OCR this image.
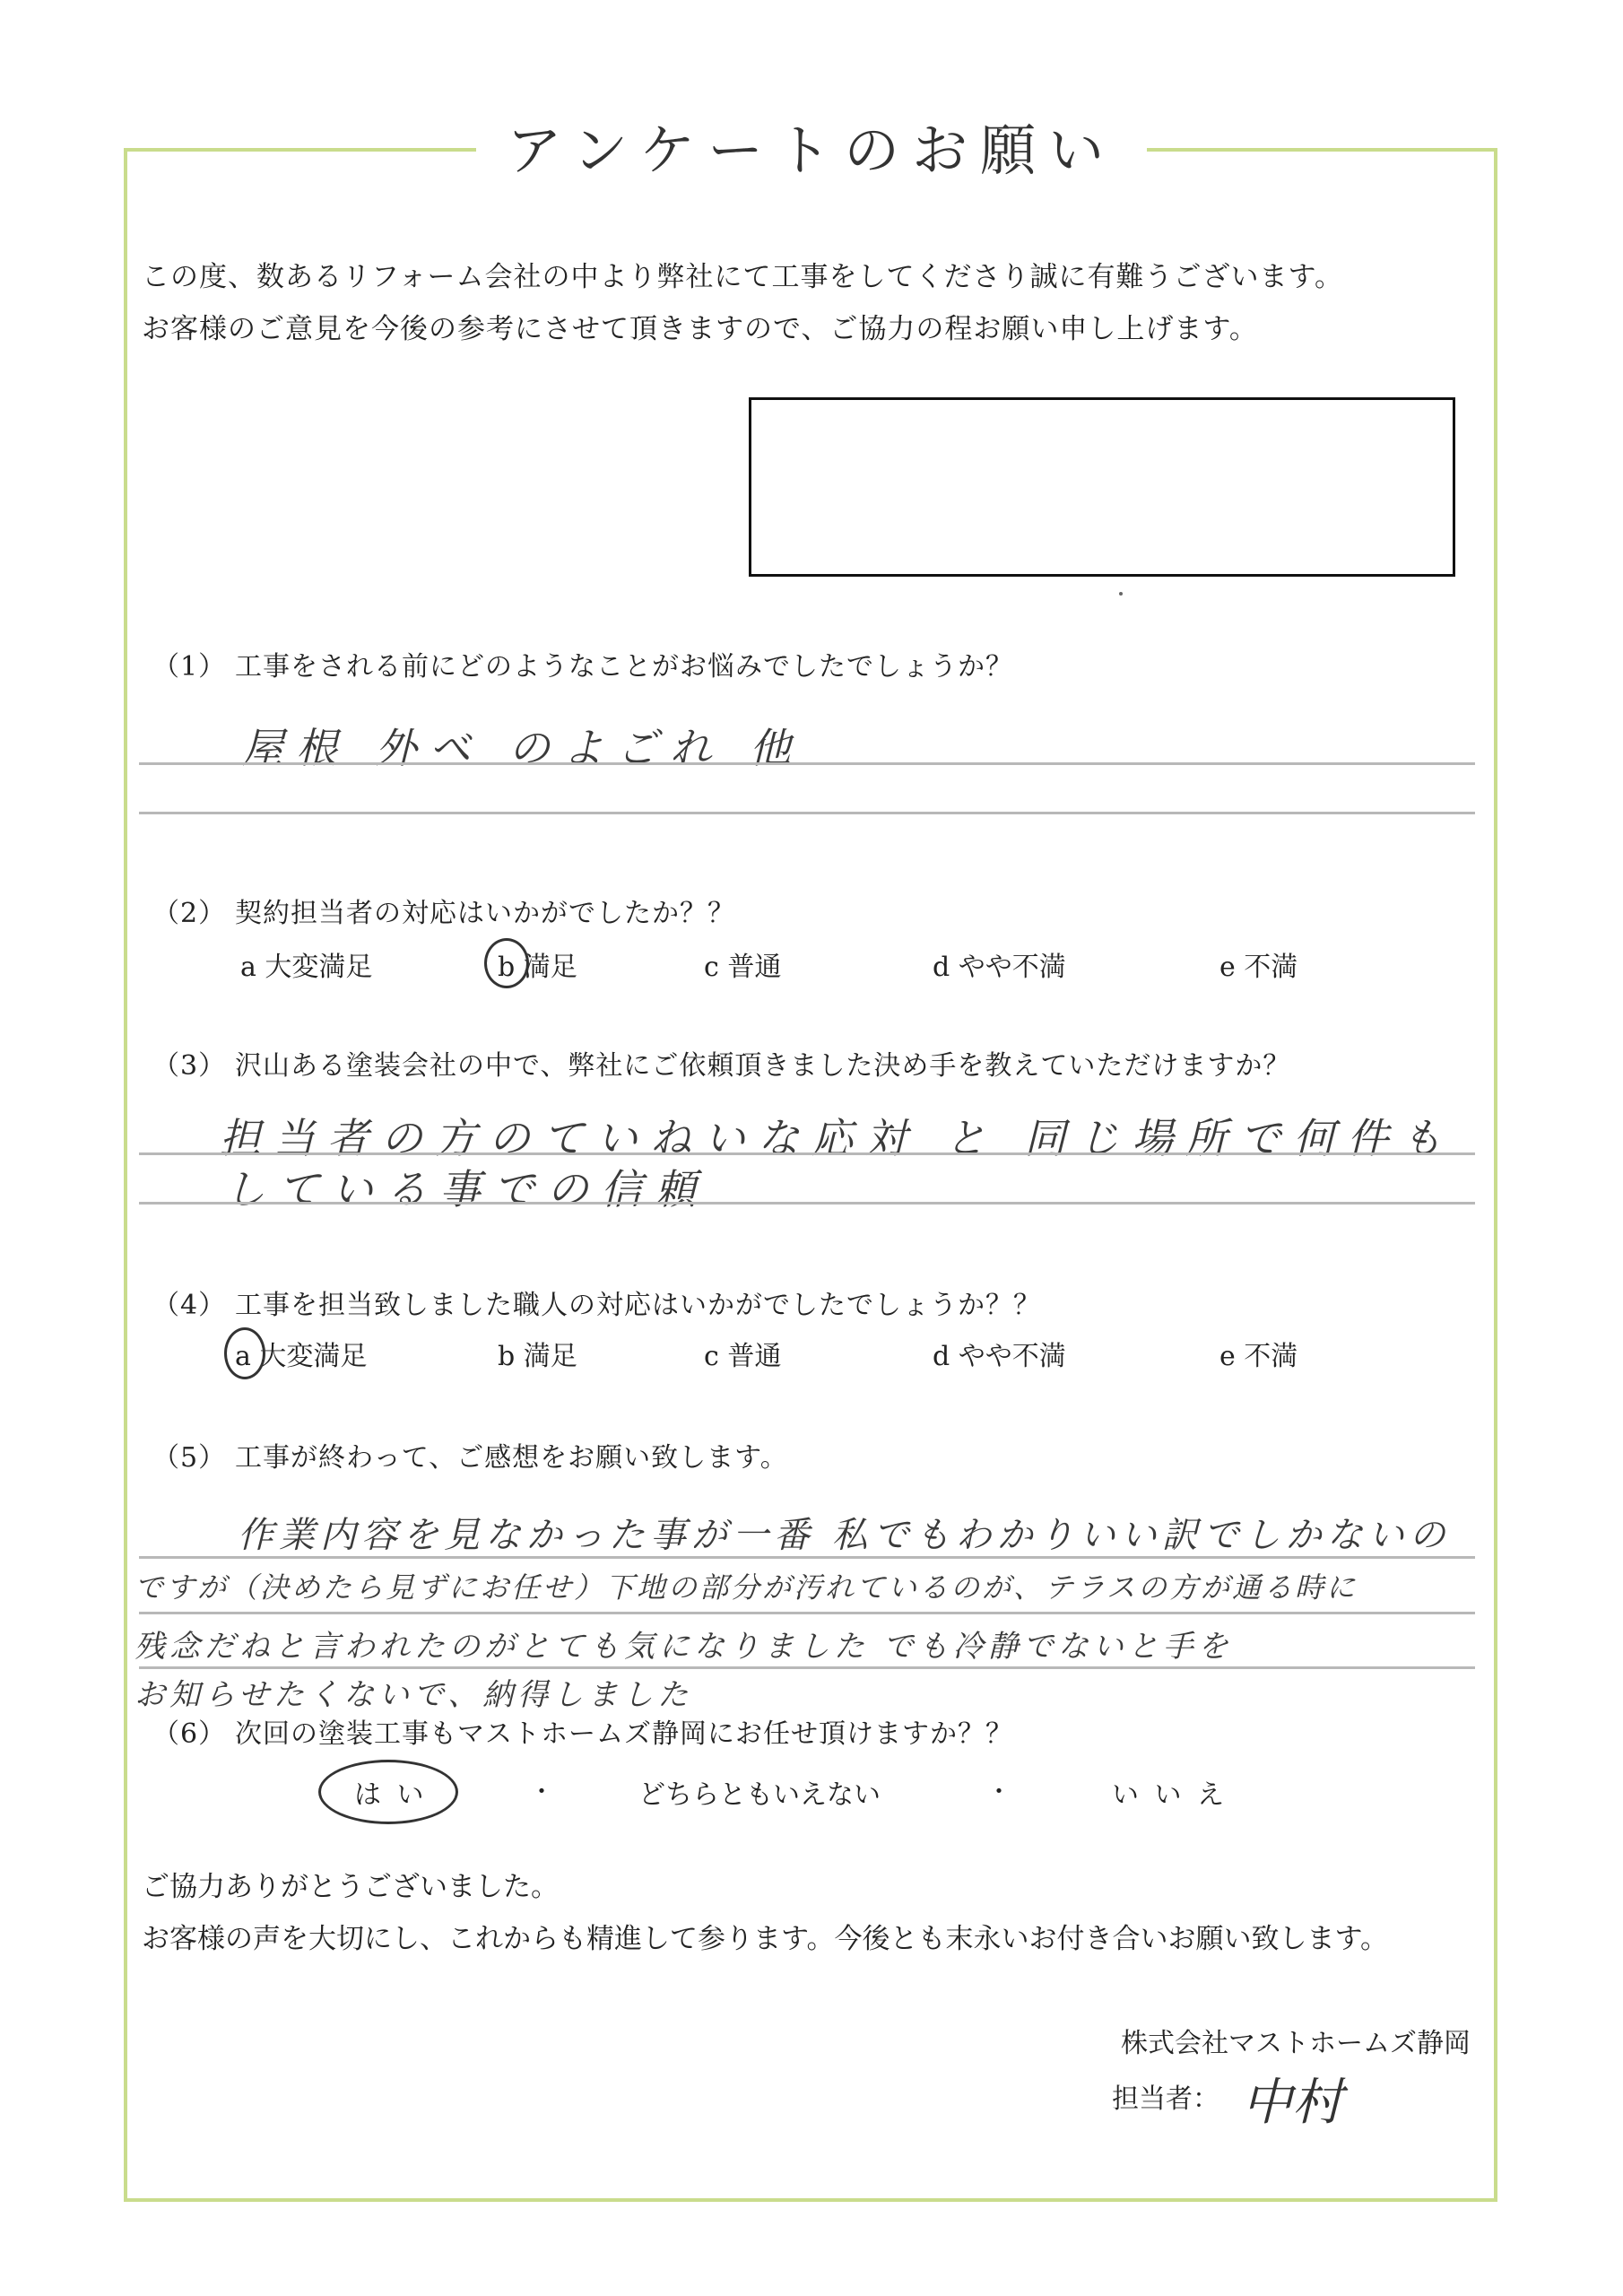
アンケートのお願い
この度、数あるリフォーム会社の中より弊社にて工事をしてくださり誠に有難うございます。
お客様のご意見を今後の参考にさせて頂きますので、ご協力の程お願い申し上げます。
（1） 工事をされる前にどのようなことがお悩みでしたでしょうか？
屋根 外ベ のよごれ 他
（2） 契約担当者の対応はいかがでしたか？？
a 大変満足	b 満足	c 普通	d やや不満	e 不満
（3） 沢山ある塗装会社の中で、弊社にご依頼頂きました決め手を教えていただけますか？
担当者の方のていねいな応対 と 同じ場所で何件も
している事での信頼
（4） 工事を担当致しました職人の対応はいかがでしたでしょうか？？
a 大変満足	b 満足	c 普通	d やや不満	e 不満
（5） 工事が終わって、ご感想をお願い致します。
作業内容を見なかった事が一番 私でもわかりいい訳でしかないの
ですが（決めたら見ずにお任せ）下地の部分が汚れているのが、テラスの方が通る時に
残念だねと言われたのがとても気になりました でも冷静でないと手を
お知らせたくないで、納得しました
（6） 次回の塗装工事もマストホームズ静岡にお任せ頂けますか？？
は い	・	どちらともいえない	・	い い え
ご協力ありがとうございました。
お客様の声を大切にし、これからも精進して参ります。今後とも末永いお付き合いお願い致します。
株式会社マストホームズ静岡
担当者： 中村
